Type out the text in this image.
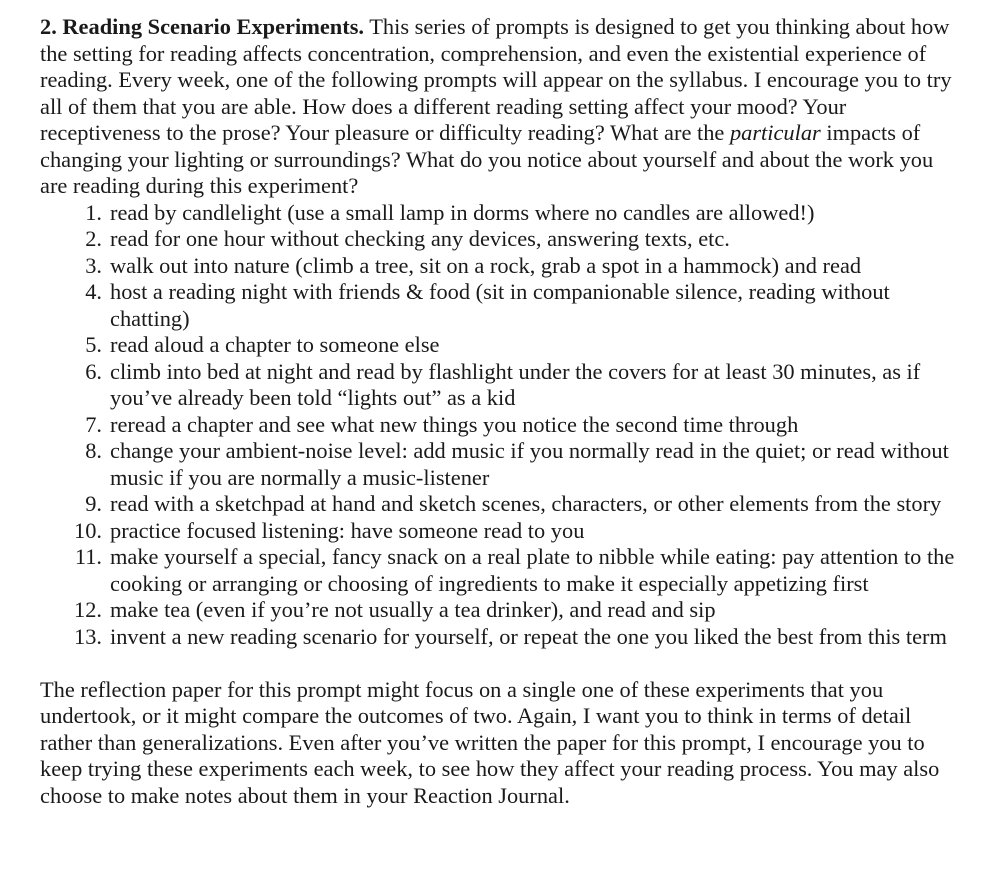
2. Reading Scenario Experiments. This series of prompts is designed to get you thinking about how the setting for reading affects concentration, comprehension, and even the existential experience of reading. Every week, one of the following prompts will appear on the syllabus. I encourage you to try all of them that you are able. How does a different reading setting affect your mood? Your receptiveness to the prose? Your pleasure or difficulty reading? What are the particular impacts of changing your lighting or surroundings? What do you notice about yourself and about the work you are reading during this experiment?

1. read by candlelight (use a small lamp in dorms where no candles are allowed!)
2. read for one hour without checking any devices, answering texts, etc.
3. walk out into nature (climb a tree, sit on a rock, grab a spot in a hammock) and read
4. host a reading night with friends & food (sit in companionable silence, reading without chatting)
5. read aloud a chapter to someone else
6. climb into bed at night and read by flashlight under the covers for at least 30 minutes, as if you’ve already been told “lights out” as a kid
7. reread a chapter and see what new things you notice the second time through
8. change your ambient-noise level: add music if you normally read in the quiet; or read without music if you are normally a music-listener
9. read with a sketchpad at hand and sketch scenes, characters, or other elements from the story
10. practice focused listening: have someone read to you
11. make yourself a special, fancy snack on a real plate to nibble while eating: pay attention to the cooking or arranging or choosing of ingredients to make it especially appetizing first
12. make tea (even if you’re not usually a tea drinker), and read and sip
13. invent a new reading scenario for yourself, or repeat the one you liked the best from this term

The reflection paper for this prompt might focus on a single one of these experiments that you undertook, or it might compare the outcomes of two. Again, I want you to think in terms of detail rather than generalizations. Even after you’ve written the paper for this prompt, I encourage you to keep trying these experiments each week, to see how they affect your reading process. You may also choose to make notes about them in your Reaction Journal.
